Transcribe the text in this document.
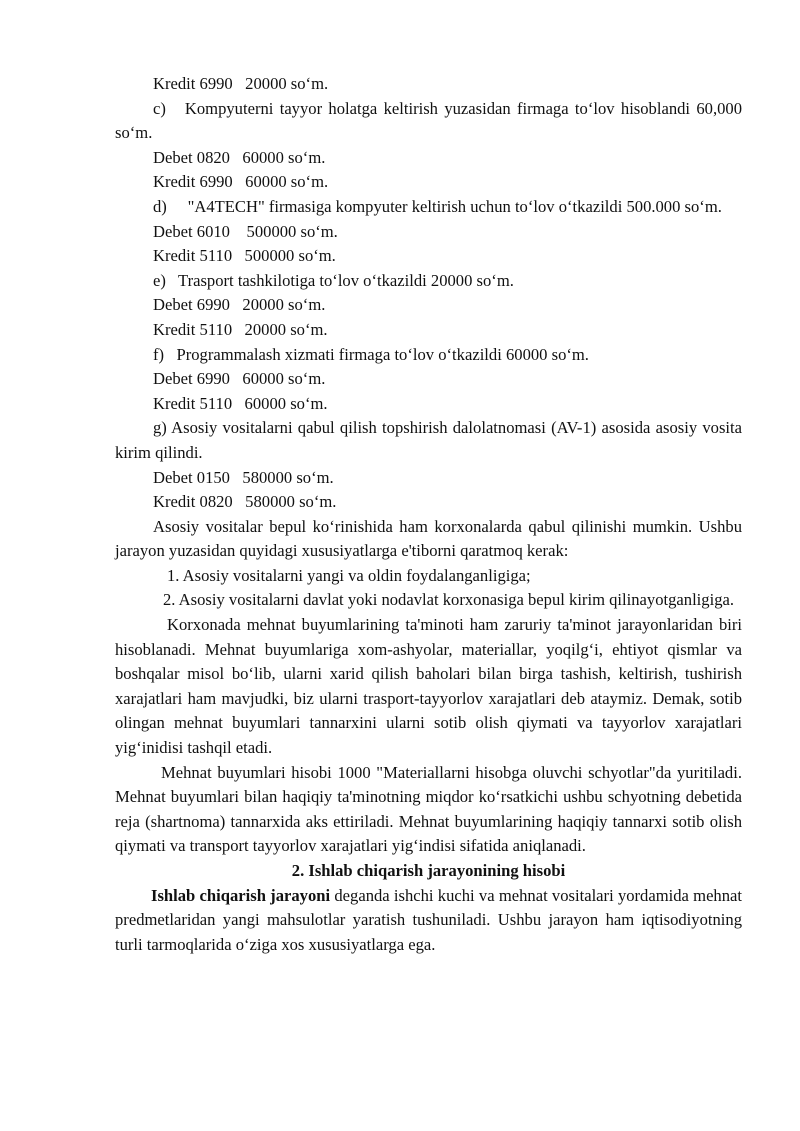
Kredit 6990   20000 so‘m.

c)   Kompyuterni tayyor holatga keltirish yuzasidan firmaga to‘lov hisoblandi 60,000 so‘m.

Debet 0820   60000 so‘m.

Kredit 6990   60000 so‘m.

d)     "A4TECH" firmasiga kompyuter keltirish uchun to‘lov o‘tkazildi 500.000 so‘m.

Debet 6010    500000 so‘m.

Kredit 5110   500000 so‘m.

e)   Trasport tashkilotiga to‘lov o‘tkazildi 20000 so‘m.

Debet 6990   20000 so‘m.

Kredit 5110   20000 so‘m.

f)   Programmalash xizmati firmaga to‘lov o‘tkazildi 60000 so‘m.

Debet 6990   60000 so‘m.

Kredit 5110   60000 so‘m.

g) Asosiy vositalarni qabul qilish topshirish dalolatnomasi (AV-1) asosida asosiy vosita kirim qilindi.

Debet 0150   580000 so‘m.

Kredit 0820   580000 so‘m.

Asosiy vositalar bepul ko‘rinishida ham korxonalarda qabul qilinishi mumkin. Ushbu jarayon yuzasidan quyidagi xususiyatlarga e'tiborni qaratmoq kerak:

1. Asosiy vositalarni yangi va oldin foydalanganligiga;

2. Asosiy vositalarni davlat yoki nodavlat korxonasiga bepul kirim qilinayotganligiga.

Korxonada mehnat buyumlarining ta'minoti ham zaruriy ta'minot jarayonlaridan biri hisoblanadi. Mehnat buyumlariga xom-ashyolar, materiallar, yoqilg‘i, ehtiyot qismlar va boshqalar misol bo‘lib, ularni xarid qilish baholari bilan birga tashish, keltirish, tushirish xarajatlari ham mavjudki, biz ularni trasport-tayyorlov xarajatlari deb ataymiz. Demak, sotib olingan mehnat buyumlari tannarxini ularni sotib olish qiymati va tayyorlov xarajatlari yig‘inidisi tashqil etadi.

Mehnat buyumlari hisobi 1000 "Materiallarni hisobga oluvchi schyotlar"da yuritiladi. Mehnat buyumlari bilan haqiqiy ta'minotning miqdor ko‘rsatkichi ushbu schyotning debetida reja (shartnoma) tannarxida aks ettiriladi. Mehnat buyumlarining haqiqiy tannarxi sotib olish qiymati va transport tayyorlov xarajatlari yig‘indisi sifatida aniqlanadi.

2. Ishlab chiqarish jarayonining hisobi

Ishlab chiqarish jarayoni deganda ishchi kuchi va mehnat vositalari yordamida mehnat predmetlaridan yangi mahsulotlar yaratish tushuniladi. Ushbu jarayon ham iqtisodiyotning turli tarmoqlarida o‘ziga xos xususiyatlarga ega.
